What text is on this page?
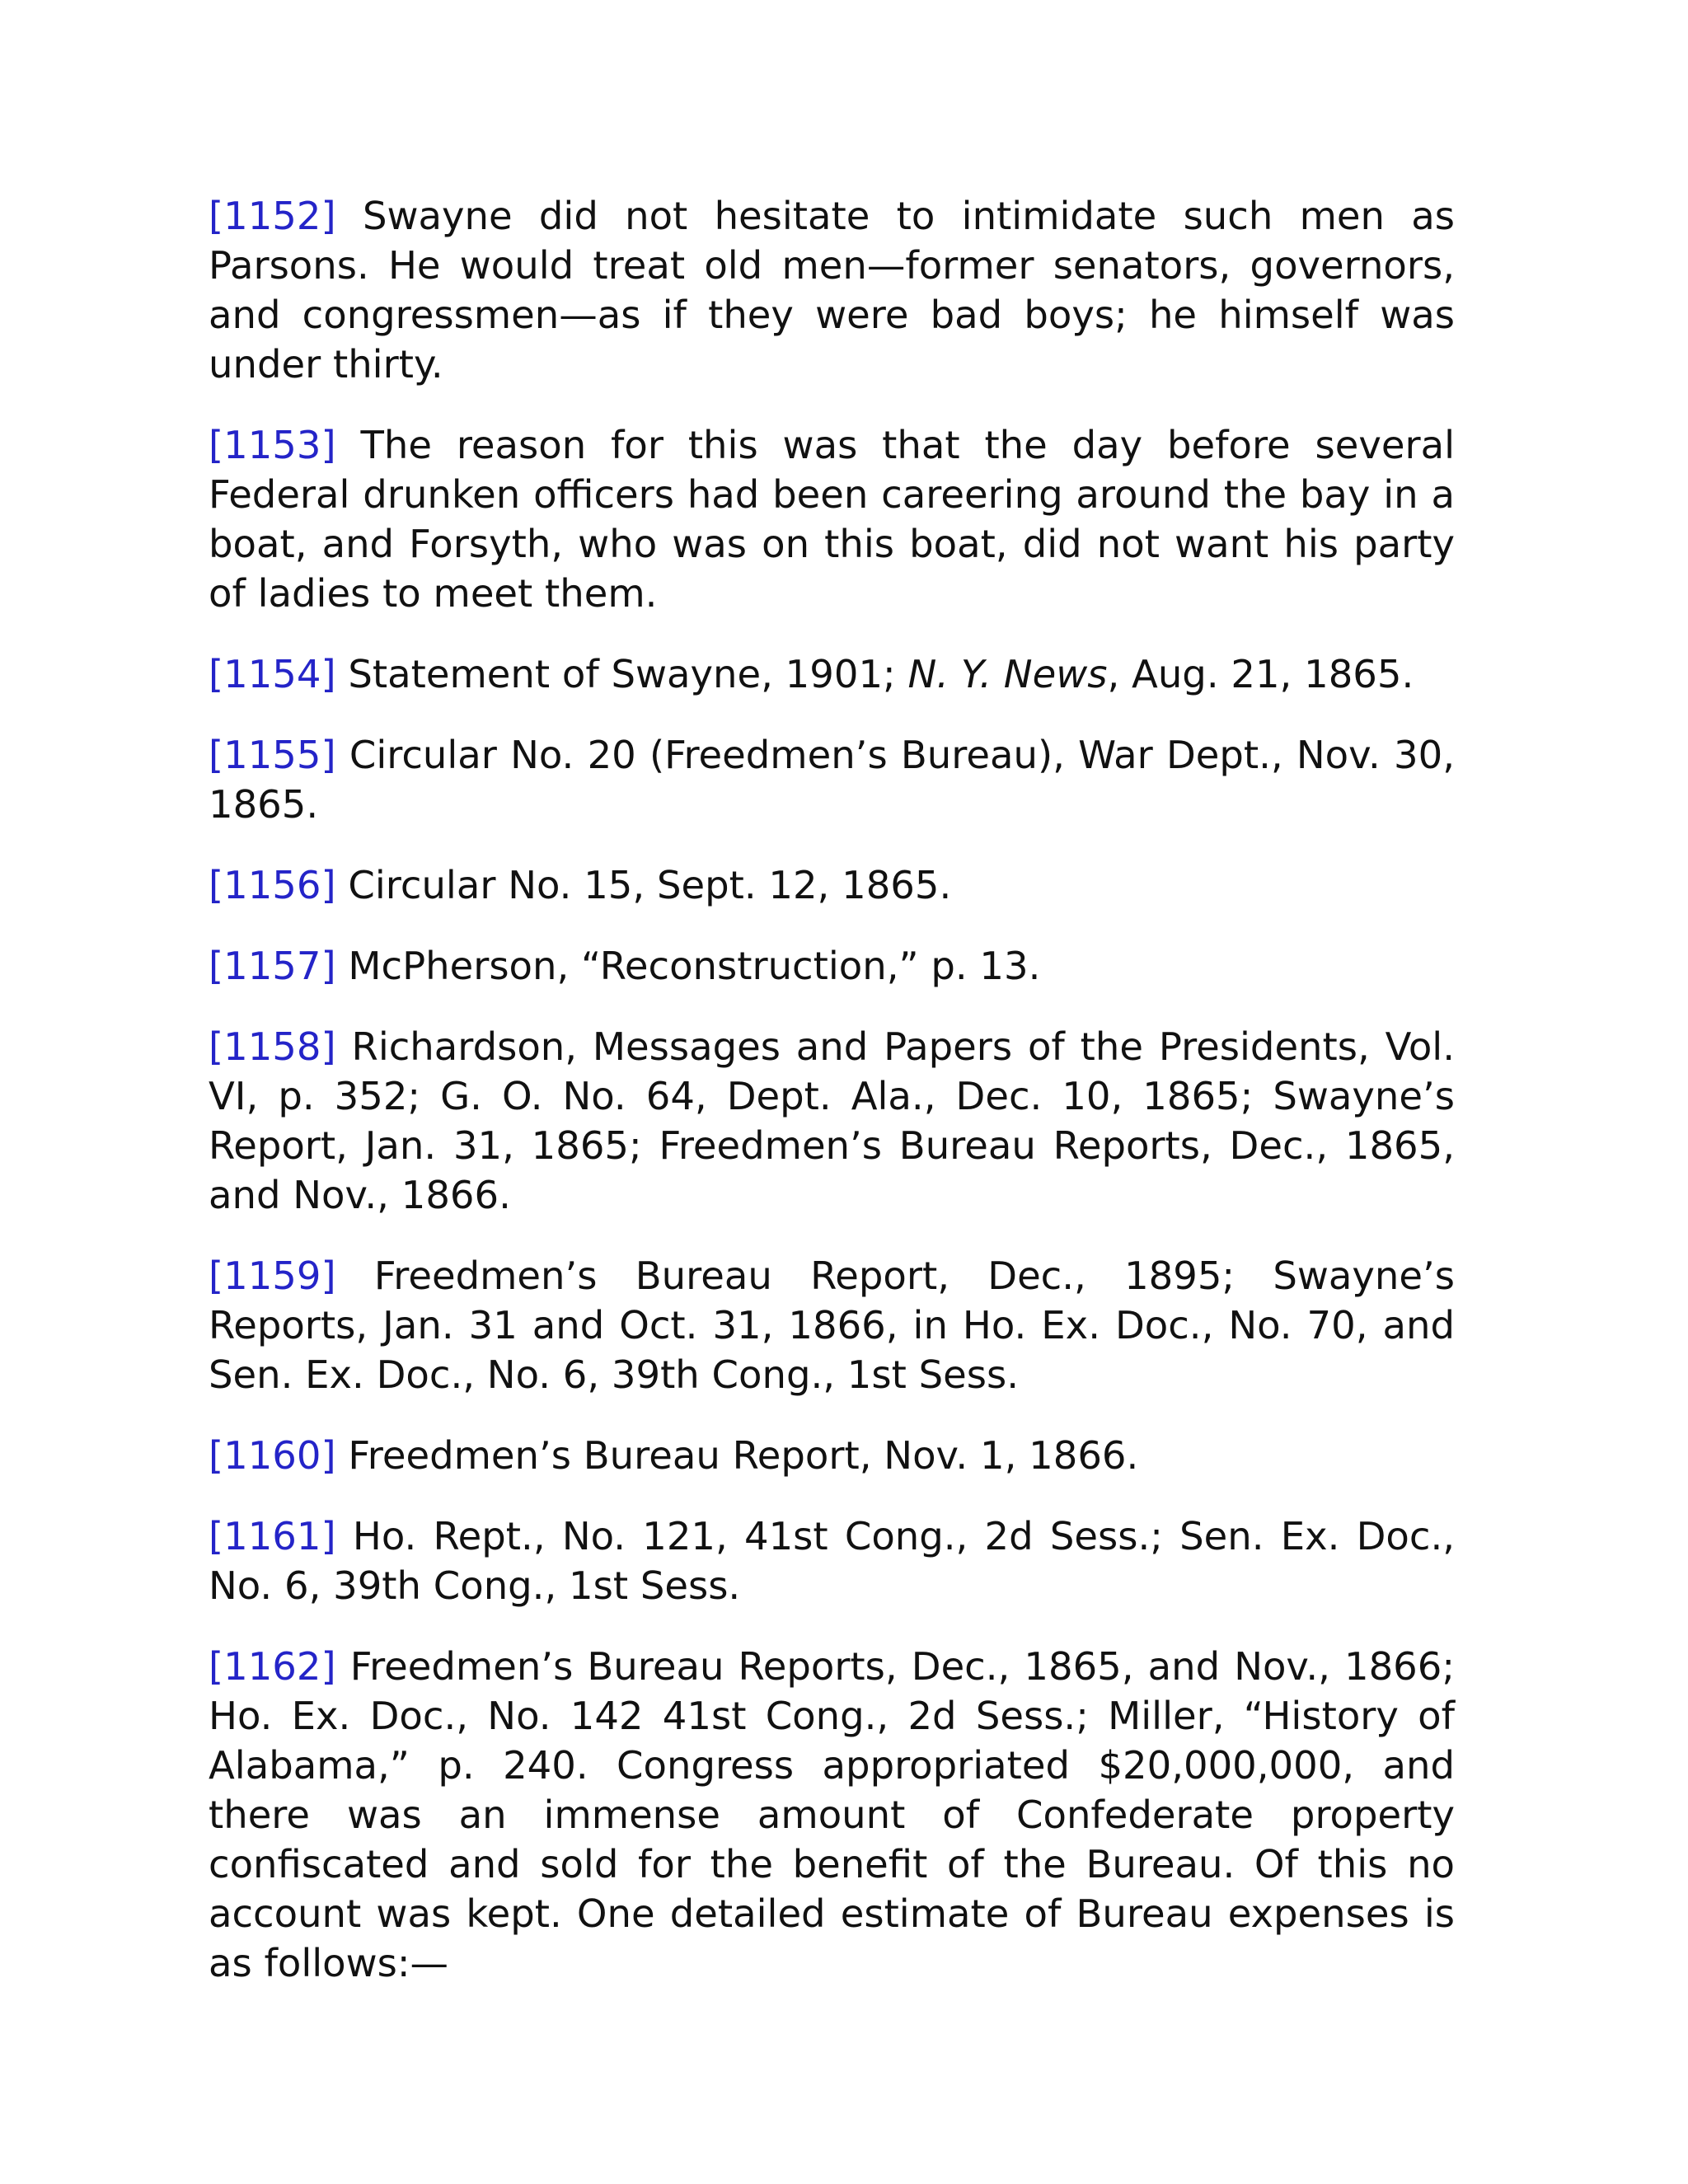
[1152] Swayne did not hesitate to intimidate such men as Parsons. He would treat old men—former senators, governors, and congressmen—as if they were bad boys; he himself was under thirty.

[1153] The reason for this was that the day before several Federal drunken officers had been careering around the bay in a boat, and Forsyth, who was on this boat, did not want his party of ladies to meet them.

[1154] Statement of Swayne, 1901; N. Y. News, Aug. 21, 1865.

[1155] Circular No. 20 (Freedmen’s Bureau), War Dept., Nov. 30, 1865.

[1156] Circular No. 15, Sept. 12, 1865.

[1157] McPherson, “Reconstruction,” p. 13.

[1158] Richardson, Messages and Papers of the Presidents, Vol. VI, p. 352; G. O. No. 64, Dept. Ala., Dec. 10, 1865; Swayne’s Report, Jan. 31, 1865; Freedmen’s Bureau Reports, Dec., 1865, and Nov., 1866.

[1159] Freedmen’s Bureau Report, Dec., 1895; Swayne’s Reports, Jan. 31 and Oct. 31, 1866, in Ho. Ex. Doc., No. 70, and Sen. Ex. Doc., No. 6, 39th Cong., 1st Sess.

[1160] Freedmen’s Bureau Report, Nov. 1, 1866.

[1161] Ho. Rept., No. 121, 41st Cong., 2d Sess.; Sen. Ex. Doc., No. 6, 39th Cong., 1st Sess.

[1162] Freedmen’s Bureau Reports, Dec., 1865, and Nov., 1866; Ho. Ex. Doc., No. 142 41st Cong., 2d Sess.; Miller, “History of Alabama,” p. 240. Congress appropriated $20,000,000, and there was an immense amount of Confederate property confiscated and sold for the benefit of the Bureau. Of this no account was kept. One detailed estimate of Bureau expenses is as follows:—
